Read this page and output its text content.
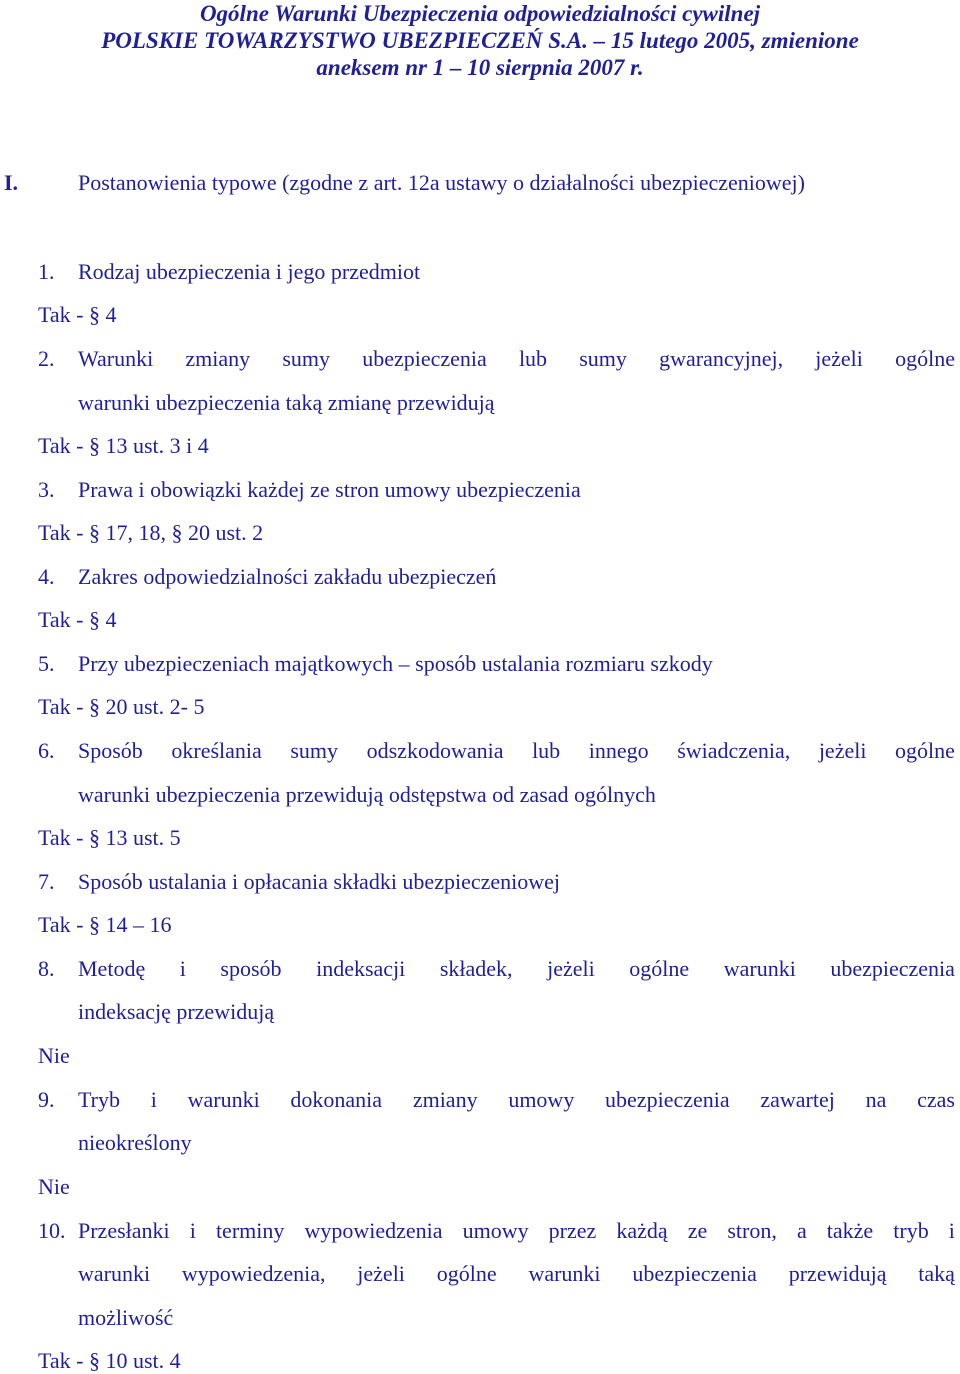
Ogólne Warunki Ubezpieczenia odpowiedzialności cywilnej
POLSKIE TOWARZYSTWO UBEZPIECZEŃ S.A. – 15 lutego 2005, zmienione
aneksem nr 1 – 10 sierpnia 2007 r.
I.	Postanowienia typowe (zgodne z art. 12a ustawy o działalności ubezpieczeniowej)
1. Rodzaj ubezpieczenia i jego przedmiot
Tak - § 4
2. Warunki zmiany sumy ubezpieczenia lub sumy gwarancyjnej, jeżeli ogólne
warunki ubezpieczenia taką zmianę przewidują
Tak - § 13 ust. 3 i 4
3. Prawa i obowiązki każdej ze stron umowy ubezpieczenia
Tak - § 17, 18, § 20 ust. 2
4. Zakres odpowiedzialności zakładu ubezpieczeń
Tak - § 4
5. Przy ubezpieczeniach majątkowych – sposób ustalania rozmiaru szkody
Tak - § 20 ust. 2- 5
6. Sposób określania sumy odszkodowania lub innego świadczenia, jeżeli ogólne
warunki ubezpieczenia przewidują odstępstwa od zasad ogólnych
Tak - § 13 ust. 5
7. Sposób ustalania i opłacania składki ubezpieczeniowej
Tak - § 14 – 16
8. Metodę i sposób indeksacji składek, jeżeli ogólne warunki ubezpieczenia
indeksację przewidują
Nie
9. Tryb i warunki dokonania zmiany umowy ubezpieczenia zawartej na czas
nieokreślony
Nie
10. Przesłanki i terminy wypowiedzenia umowy przez każdą ze stron, a także tryb i
warunki wypowiedzenia, jeżeli ogólne warunki ubezpieczenia przewidują taką
możliwość
Tak - § 10 ust. 4
